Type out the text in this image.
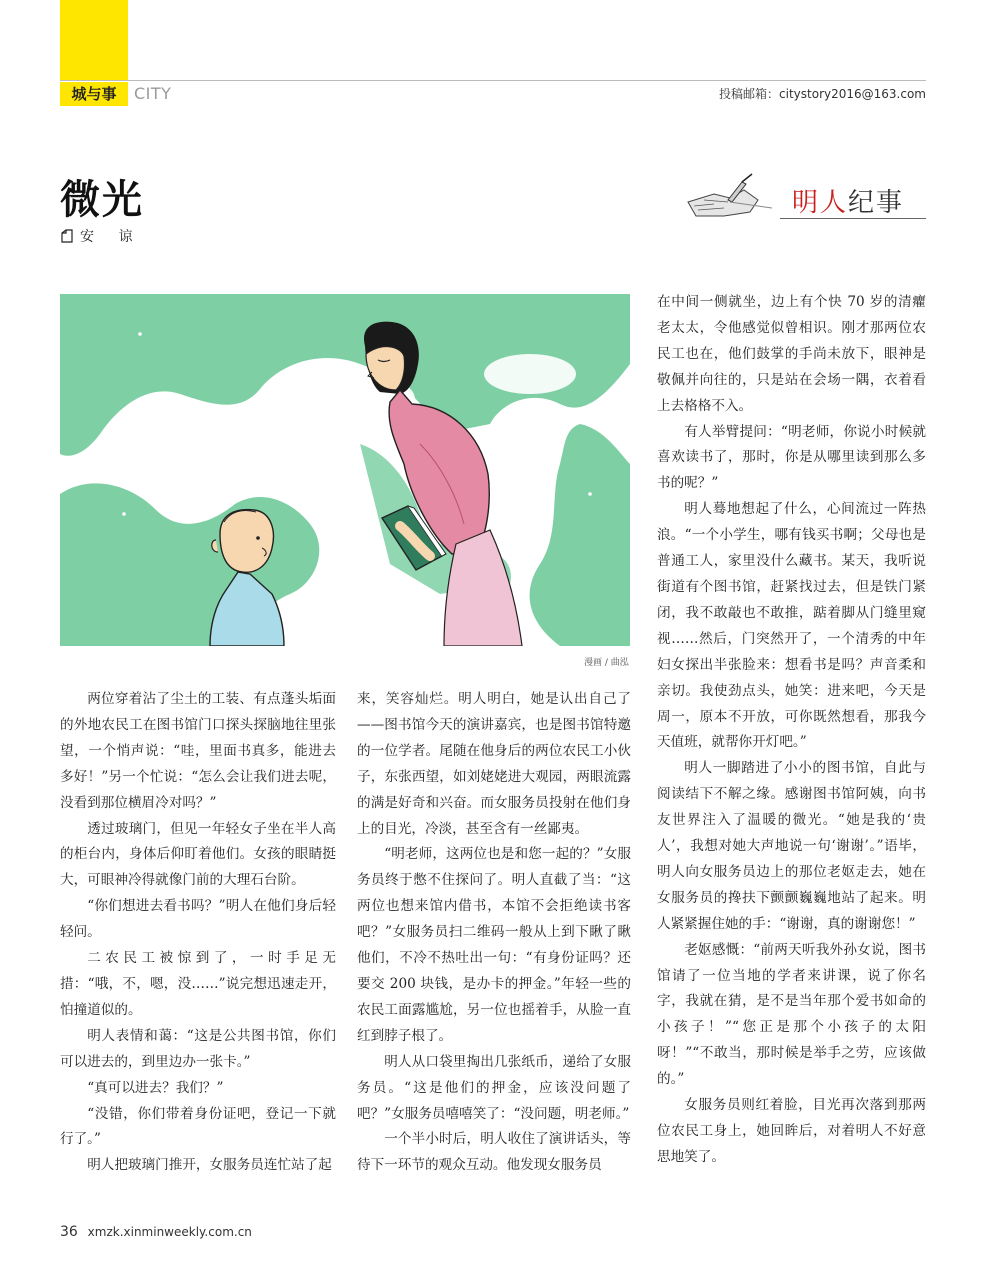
城与事	CITY	投稿邮箱：citystory2016@163.com
微光
安 谅
明人纪事
漫画 / 曲泓

两位穿着沾了尘土的工装、有点蓬头垢面的外地农民工在图书馆门口探头探脑地往里张望，一个悄声说：“哇，里面书真多，能进去多好！”另一个忙说：“怎么会让我们进去呢，没看到那位横眉冷对吗？”

透过玻璃门，但见一年轻女子坐在半人高的柜台内，身体后仰盯着他们。女孩的眼睛挺大，可眼神冷得就像门前的大理石台阶。

“你们想进去看书吗？”明人在他们身后轻轻问。

二农民工被惊到了，一时手足无措：“哦，不，嗯，没……”说完想迅速走开，怕撞道似的。

明人表情和蔼：“这是公共图书馆，你们可以进去的，到里边办一张卡。”

“真可以进去？我们？”

“没错，你们带着身份证吧，登记一下就行了。”

明人把玻璃门推开，女服务员连忙站了起

来，笑容灿烂。明人明白，她是认出自己了——图书馆今天的演讲嘉宾，也是图书馆特邀的一位学者。尾随在他身后的两位农民工小伙子，东张西望，如刘姥姥进大观园，两眼流露的满是好奇和兴奋。而女服务员投射在他们身上的目光，冷淡，甚至含有一丝鄙夷。

“明老师，这两位也是和您一起的？”女服务员终于憋不住探问了。明人直截了当：“这两位也想来馆内借书，本馆不会拒绝读书客吧？”女服务员扫二维码一般从上到下瞅了瞅他们，不冷不热吐出一句：“有身份证吗？还要交 200 块钱，是办卡的押金。”年轻一些的农民工面露尴尬，另一位也摇着手，从脸一直红到脖子根了。

明人从口袋里掏出几张纸币，递给了女服务员。“这是他们的押金，应该没问题了吧？”女服务员嘻嘻笑了：“没问题，明老师。”

一个半小时后，明人收住了演讲话头，等待下一环节的观众互动。他发现女服务员

在中间一侧就坐，边上有个快 70 岁的清癯老太太，令他感觉似曾相识。刚才那两位农民工也在，他们鼓掌的手尚未放下，眼神是敬佩并向往的，只是站在会场一隅，衣着看上去格格不入。

有人举臂提问：“明老师，你说小时候就喜欢读书了，那时，你是从哪里读到那么多书的呢？”

明人蓦地想起了什么，心间流过一阵热浪。“一个小学生，哪有钱买书啊；父母也是普通工人，家里没什么藏书。某天，我听说街道有个图书馆，赶紧找过去，但是铁门紧闭，我不敢敲也不敢推，踮着脚从门缝里窥视……然后，门突然开了，一个清秀的中年妇女探出半张脸来：想看书是吗？声音柔和亲切。我使劲点头，她笑：进来吧，今天是周一，原本不开放，可你既然想看，那我今天值班，就帮你开灯吧。”

明人一脚踏进了小小的图书馆，自此与阅读结下不解之缘。感谢图书馆阿姨，向书友世界注入了温暖的微光。“她是我的‘贵人’，我想对她大声地说一句‘谢谢’。”语毕，明人向女服务员边上的那位老妪走去，她在女服务员的搀扶下颤颤巍巍地站了起来。明人紧紧握住她的手：“谢谢，真的谢谢您！”

老妪感慨：“前两天听我外孙女说，图书馆请了一位当地的学者来讲课，说了你名字，我就在猜，是不是当年那个爱书如命的小孩子！”“您正是那个小孩子的太阳呀！”“不敢当，那时候是举手之劳，应该做的。”

女服务员则红着脸，目光再次落到那两位农民工身上，她回眸后，对着明人不好意思地笑了。

36 xmzk.xinminweekly.com.cn
